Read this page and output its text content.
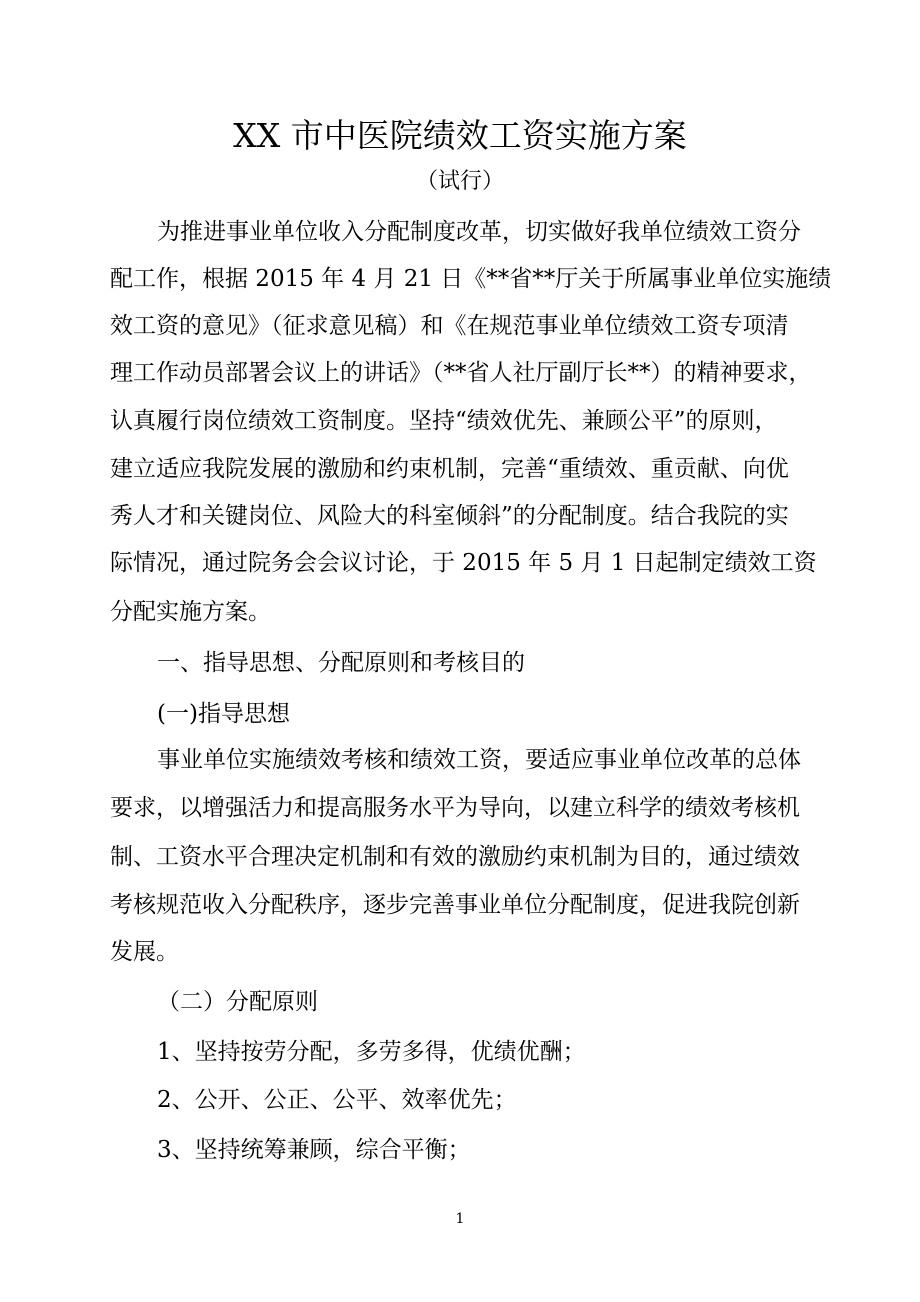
XX 市中医院绩效工资实施方案
（试行）
为推进事业单位收入分配制度改革，切实做好我单位绩效工资分
配工作，根据 2015 年 4 月 21 日《**省**厅关于所属事业单位实施绩
效工资的意见》（征求意见稿）和《在规范事业单位绩效工资专项清
理工作动员部署会议上的讲话》（**省人社厅副厅长**）的精神要求，
认真履行岗位绩效工资制度。坚持“绩效优先、兼顾公平”的原则，
建立适应我院发展的激励和约束机制，完善“重绩效、重贡献、向优
秀人才和关键岗位、风险大的科室倾斜”的分配制度。结合我院的实
际情况，通过院务会会议讨论，于 2015 年 5 月 1 日起制定绩效工资
分配实施方案。
一、指导思想、分配原则和考核目的
(一)指导思想
事业单位实施绩效考核和绩效工资，要适应事业单位改革的总体
要求，以增强活力和提高服务水平为导向，以建立科学的绩效考核机
制、工资水平合理决定机制和有效的激励约束机制为目的，通过绩效
考核规范收入分配秩序，逐步完善事业单位分配制度，促进我院创新
发展。
（二）分配原则
1、坚持按劳分配，多劳多得，优绩优酬；
2、公开、公正、公平、效率优先；
3、坚持统筹兼顾，综合平衡；
1
